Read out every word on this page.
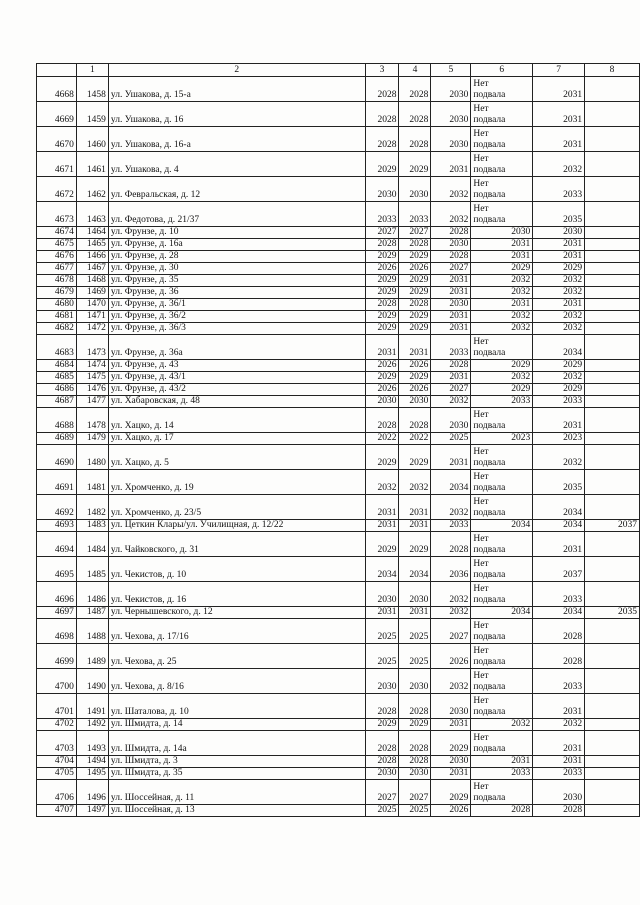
	1	2	3	4	5	6	7	8
4668	1458	ул. Ушакова, д. 15-а	2028	2028	2030	Нет
подвала	2031	
4669	1459	ул. Ушакова, д. 16	2028	2028	2030	Нет
подвала	2031	
4670	1460	ул. Ушакова, д. 16-а	2028	2028	2030	Нет
подвала	2031	
4671	1461	ул. Ушакова, д. 4	2029	2029	2031	Нет
подвала	2032	
4672	1462	ул. Февральская, д. 12	2030	2030	2032	Нет
подвала	2033	
4673	1463	ул. Федотова, д. 21/37	2033	2033	2032	Нет
подвала	2035	
4674	1464	ул. Фрунзе, д. 10	2027	2027	2028	2030	2030	
4675	1465	ул. Фрунзе, д. 16а	2028	2028	2030	2031	2031	
4676	1466	ул. Фрунзе, д. 28	2029	2029	2028	2031	2031	
4677	1467	ул. Фрунзе, д. 30	2026	2026	2027	2029	2029	
4678	1468	ул. Фрунзе, д. 35	2029	2029	2031	2032	2032	
4679	1469	ул. Фрунзе, д. 36	2029	2029	2031	2032	2032	
4680	1470	ул. Фрунзе, д. 36/1	2028	2028	2030	2031	2031	
4681	1471	ул. Фрунзе, д. 36/2	2029	2029	2031	2032	2032	
4682	1472	ул. Фрунзе, д. 36/3	2029	2029	2031	2032	2032	
4683	1473	ул. Фрунзе, д. 36а	2031	2031	2033	Нет
подвала	2034	
4684	1474	ул. Фрунзе, д. 43	2026	2026	2028	2029	2029	
4685	1475	ул. Фрунзе, д. 43/1	2029	2029	2031	2032	2032	
4686	1476	ул. Фрунзе, д. 43/2	2026	2026	2027	2029	2029	
4687	1477	ул. Хабаровская, д. 48	2030	2030	2032	2033	2033	
4688	1478	ул. Хацко, д. 14	2028	2028	2030	Нет
подвала	2031	
4689	1479	ул. Хацко, д. 17	2022	2022	2025	2023	2023	
4690	1480	ул. Хацко, д. 5	2029	2029	2031	Нет
подвала	2032	
4691	1481	ул. Хромченко, д. 19	2032	2032	2034	Нет
подвала	2035	
4692	1482	ул. Хромченко, д. 23/5	2031	2031	2032	Нет
подвала	2034	
4693	1483	ул. Цеткин Клары/ул. Училищная, д. 12/22	2031	2031	2033	2034	2034	2037
4694	1484	ул. Чайковского, д. 31	2029	2029	2028	Нет
подвала	2031	
4695	1485	ул. Чекистов, д. 10	2034	2034	2036	Нет
подвала	2037	
4696	1486	ул. Чекистов, д. 16	2030	2030	2032	Нет
подвала	2033	
4697	1487	ул. Чернышевского, д. 12	2031	2031	2032	2034	2034	2035
4698	1488	ул. Чехова, д. 17/16	2025	2025	2027	Нет
подвала	2028	
4699	1489	ул. Чехова, д. 25	2025	2025	2026	Нет
подвала	2028	
4700	1490	ул. Чехова, д. 8/16	2030	2030	2032	Нет
подвала	2033	
4701	1491	ул. Шаталова, д. 10	2028	2028	2030	Нет
подвала	2031	
4702	1492	ул. Шмидта, д. 14	2029	2029	2031	2032	2032	
4703	1493	ул. Шмидта, д. 14а	2028	2028	2029	Нет
подвала	2031	
4704	1494	ул. Шмидта, д. 3	2028	2028	2030	2031	2031	
4705	1495	ул. Шмидта, д. 35	2030	2030	2031	2033	2033	
4706	1496	ул. Шоссейная, д. 11	2027	2027	2029	Нет
подвала	2030	
4707	1497	ул. Шоссейная, д. 13	2025	2025	2026	2028	2028	
